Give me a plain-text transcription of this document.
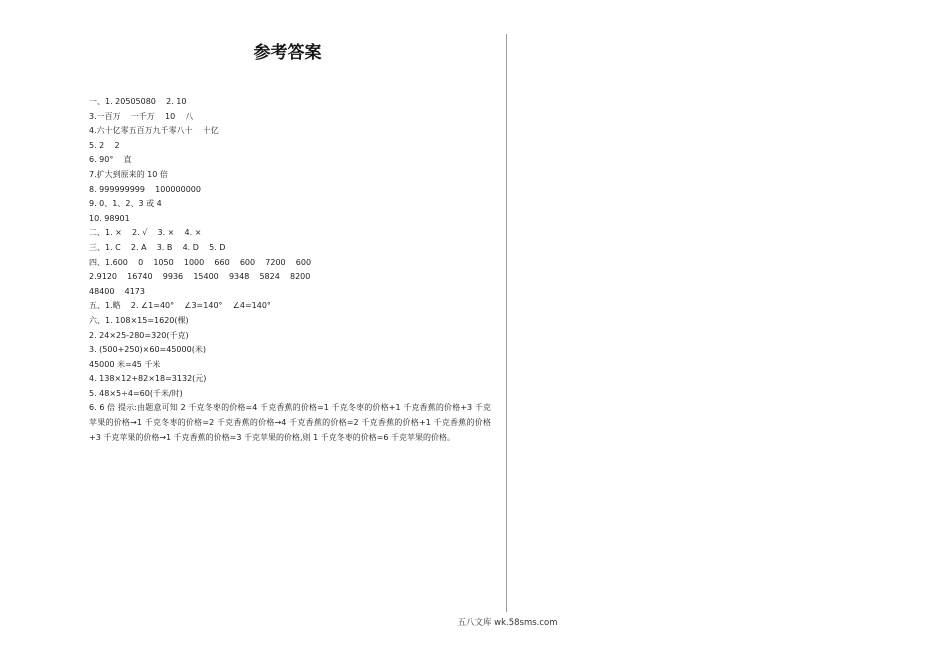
参考答案
一、1. 20505080    2. 10
3.一百万    一千万    10    八
4.六十亿零五百万九千零八十    十亿
5. 2    2
6. 90°    直
7.扩大到原来的 10 倍
8. 999999999    100000000
9. 0、1、2、3 或 4
10. 98901
二、1. ×    2. √    3. ×    4. ×
三、1. C    2. A    3. B    4. D    5. D
四、1.600    0    1050    1000    660    600    7200    600
2.9120    16740    9936    15400    9348    5824    8200
48400    4173
五、1.略    2. ∠1=40°    ∠3=140°    ∠4=140°
六、1. 108×15=1620(棵)
2. 24×25-280=320(千克)
3. (500+250)×60=45000(米)
45000 米=45 千米
4. 138×12+82×18=3132(元)
5. 48×5÷4=60(千米/时)
6. 6 倍 提示:由题意可知 2 千克冬枣的价格=4 千克香蕉的价格=1 千克冬枣的价格+1 千克香蕉的价格+3 千克苹果的价格→1 千克冬枣的价格=2 千克香蕉的价格→4 千克香蕉的价格=2 千克香蕉的价格+1 千克香蕉的价格+3 千克苹果的价格→1 千克香蕉的价格=3 千克苹果的价格,则 1 千克冬枣的价格=6 千克苹果的价格。
五八文库 wk.58sms.com
